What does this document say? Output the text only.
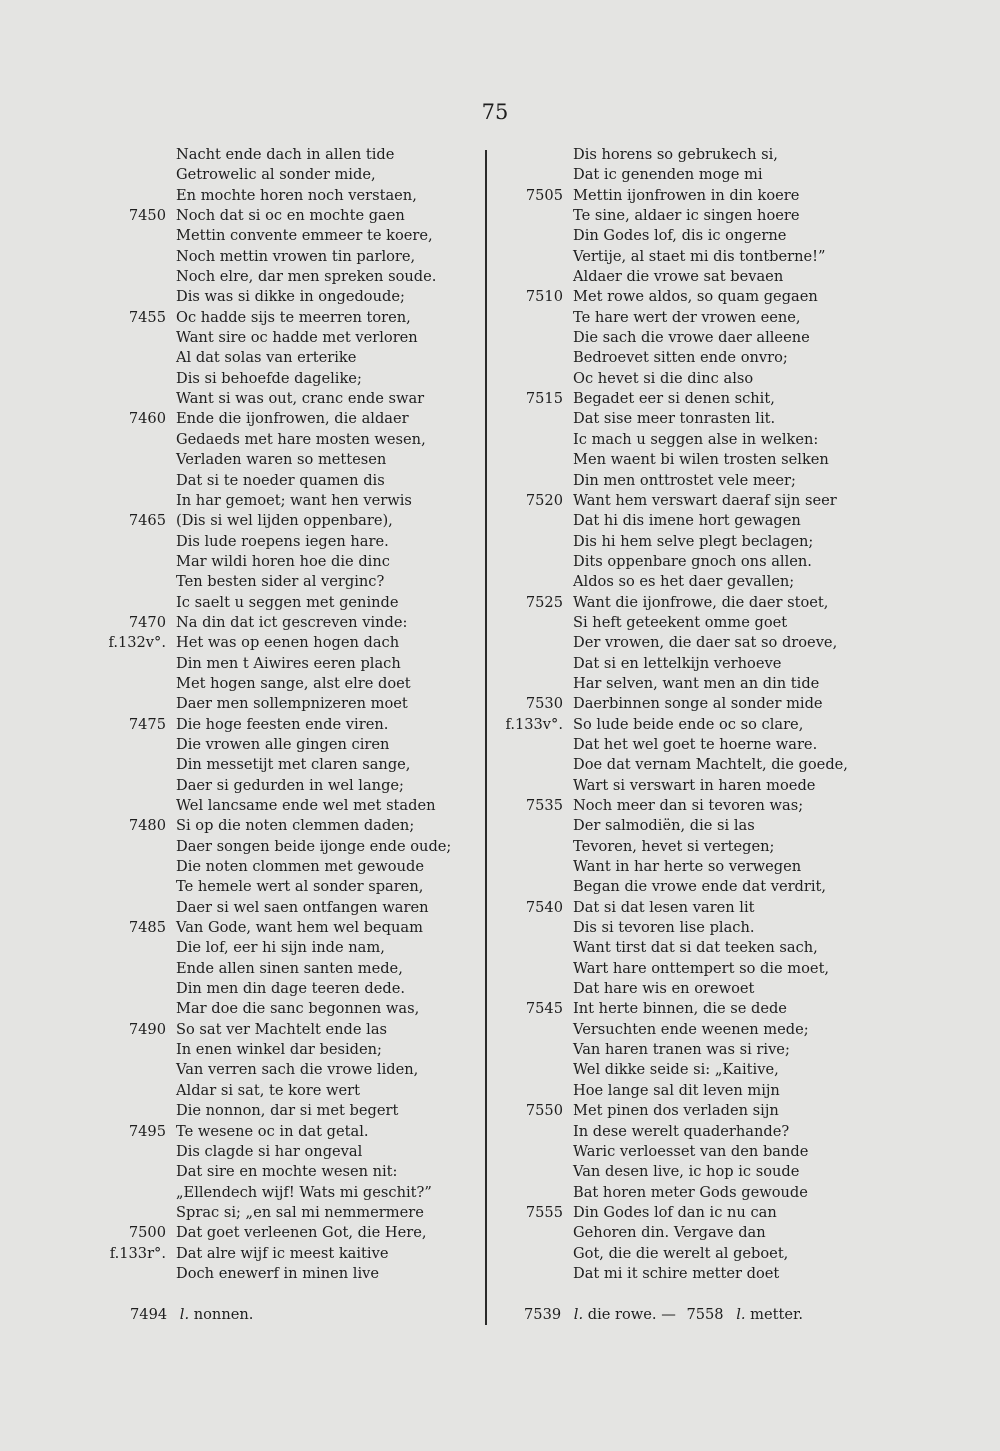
75
Nacht ende dach in allen tide
Getrowelic al sonder mide,
En mochte horen noch verstaen,
7450 Noch dat si oc en mochte gaen
Mettin convente emmeer te koere,
Noch mettin vrowen tin parlore,
Noch elre, dar men spreken soude.
Dis was si dikke in ongedoude;
7455 Oc hadde sijs te meerren toren,
Want sire oc hadde met verloren
Al dat solas van erterike
Dis si behoefde dagelike;
Want si was out, cranc ende swar
7460 Ende die ijonfrowen, die aldaer
Gedaeds met hare mosten wesen,
Verladen waren so mettesen
Dat si te noeder quamen dis
In har gemoet; want hen verwis
7465 (Dis si wel lijden oppenbare),
Dis lude roepens iegen hare.
Mar wildi horen hoe die dinc
Ten besten sider al verginc?
Ic saelt u seggen met geninde
7470 Na din dat ict gescreven vinde:
f.132v°. Het was op eenen hogen dach
Din men t Aiwires eeren plach
Met hogen sange, alst elre doet
Daer men sollempnizeren moet
7475 Die hoge feesten ende viren.
Die vrowen alle gingen ciren
Din messetijt met claren sange,
Daer si gedurden in wel lange;
Wel lancsame ende wel met staden
7480 Si op die noten clemmen daden;
Daer songen beide ijonge ende oude;
Die noten clommen met gewoude
Te hemele wert al sonder sparen,
Daer si wel saen ontfangen waren
7485 Van Gode, want hem wel bequam
Die lof, eer hi sijn inde nam,
Ende allen sinen santen mede,
Din men din dage teeren dede.
Mar doe die sanc begonnen was,
7490 So sat ver Machtelt ende las
In enen winkel dar besiden;
Van verren sach die vrowe liden,
Aldar si sat, te kore wert
Die nonnon, dar si met begert
7495 Te wesene oc in dat getal.
Dis clagde si har ongeval
Dat sire en mochte wesen nit:
„Ellendech wijf! Wats mi geschit?”
Sprac si; „en sal mi nemmermere
7500 Dat goet verleenen Got, die Here,
f.133r°. Dat alre wijf ic meest kaitive
Doch enewerf in minen live
Dis horens so gebrukech si,
Dat ic genenden moge mi
7505 Mettin ijonfrowen in din koere
Te sine, aldaer ic singen hoere
Din Godes lof, dis ic ongerne
Vertije, al staet mi dis tontberne!”
Aldaer die vrowe sat bevaen
7510 Met rowe aldos, so quam gegaen
Te hare wert der vrowen eene,
Die sach die vrowe daer alleene
Bedroevet sitten ende onvro;
Oc hevet si die dinc also
7515 Begadet eer si denen schit,
Dat sise meer tonrasten lit.
Ic mach u seggen alse in welken:
Men waent bi wilen trosten selken
Din men onttrostet vele meer;
7520 Want hem verswart daeraf sijn seer
Dat hi dis imene hort gewagen
Dis hi hem selve plegt beclagen;
Dits oppenbare gnoch ons allen.
Aldos so es het daer gevallen;
7525 Want die ijonfrowe, die daer stoet,
Si heft geteekent omme goet
Der vrowen, die daer sat so droeve,
Dat si en lettelkijn verhoeve
Har selven, want men an din tide
7530 Daerbinnen songe al sonder mide
f.133v°. So lude beide ende oc so clare,
Dat het wel goet te hoerne ware.
Doe dat vernam Machtelt, die goede,
Wart si verswart in haren moede
7535 Noch meer dan si tevoren was;
Der salmodiën, die si las
Tevoren, hevet si vertegen;
Want in har herte so verwegen
Began die vrowe ende dat verdrit,
7540 Dat si dat lesen varen lit
Dis si tevoren lise plach.
Want tirst dat si dat teeken sach,
Wart hare onttempert so die moet,
Dat hare wis en orewoet
7545 Int herte binnen, die se dede
Versuchten ende weenen mede;
Van haren tranen was si rive;
Wel dikke seide si: „Kaitive,
Hoe lange sal dit leven mijn
7550 Met pinen dos verladen sijn
In dese werelt quaderhande?
Waric verloesset van den bande
Van desen live, ic hop ic soude
Bat horen meter Gods gewoude
7555 Din Godes lof dan ic nu can
Gehoren din. Vergave dan
Got, die die werelt al geboet,
Dat mi it schire metter doet
7494 l. nonnen.	7539 l. die rowe. — 7558 l. metter.
